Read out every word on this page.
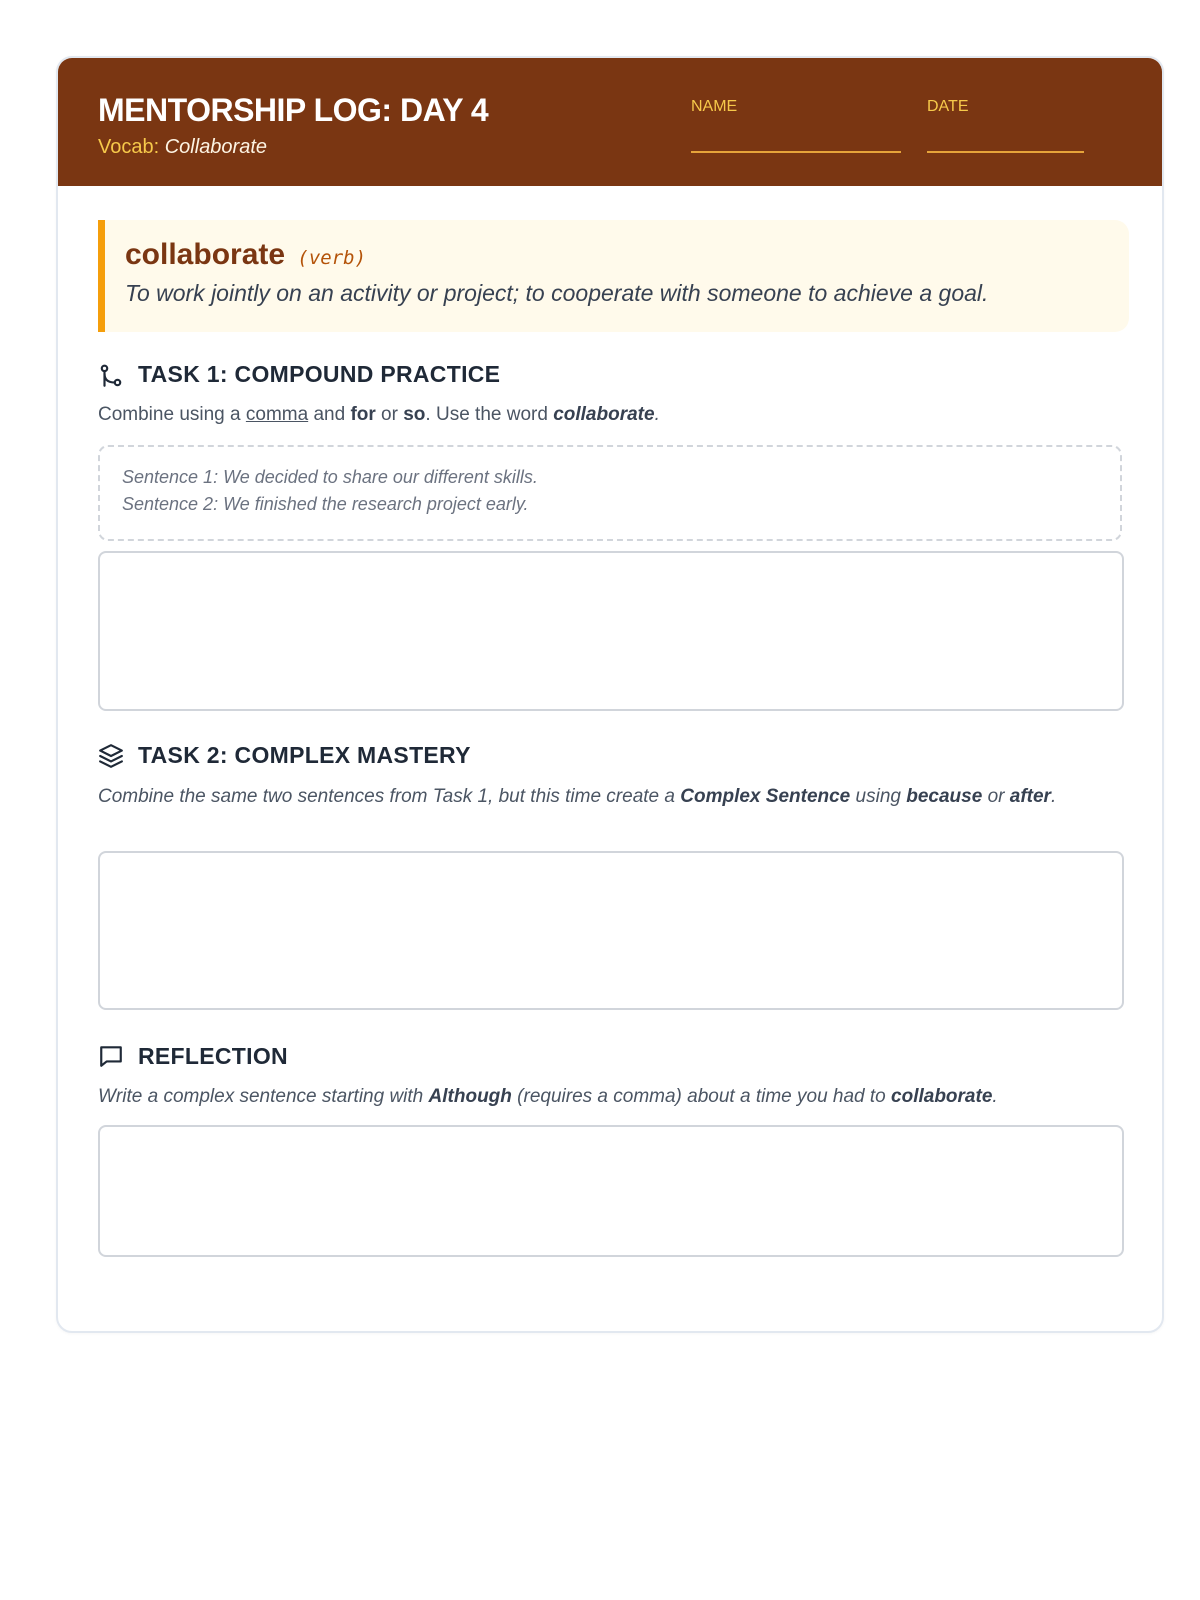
MENTORSHIP LOG: DAY 4
Vocab: Collaborate
NAME	DATE
collaborate (verb)
To work jointly on an activity or project; to cooperate with someone to achieve a goal.
TASK 1: COMPOUND PRACTICE
Combine using a comma and for or so. Use the word collaborate.
Sentence 1: We decided to share our different skills.
Sentence 2: We finished the research project early.
TASK 2: COMPLEX MASTERY
Combine the same two sentences from Task 1, but this time create a Complex Sentence using because or after.
REFLECTION
Write a complex sentence starting with Although (requires a comma) about a time you had to collaborate.
